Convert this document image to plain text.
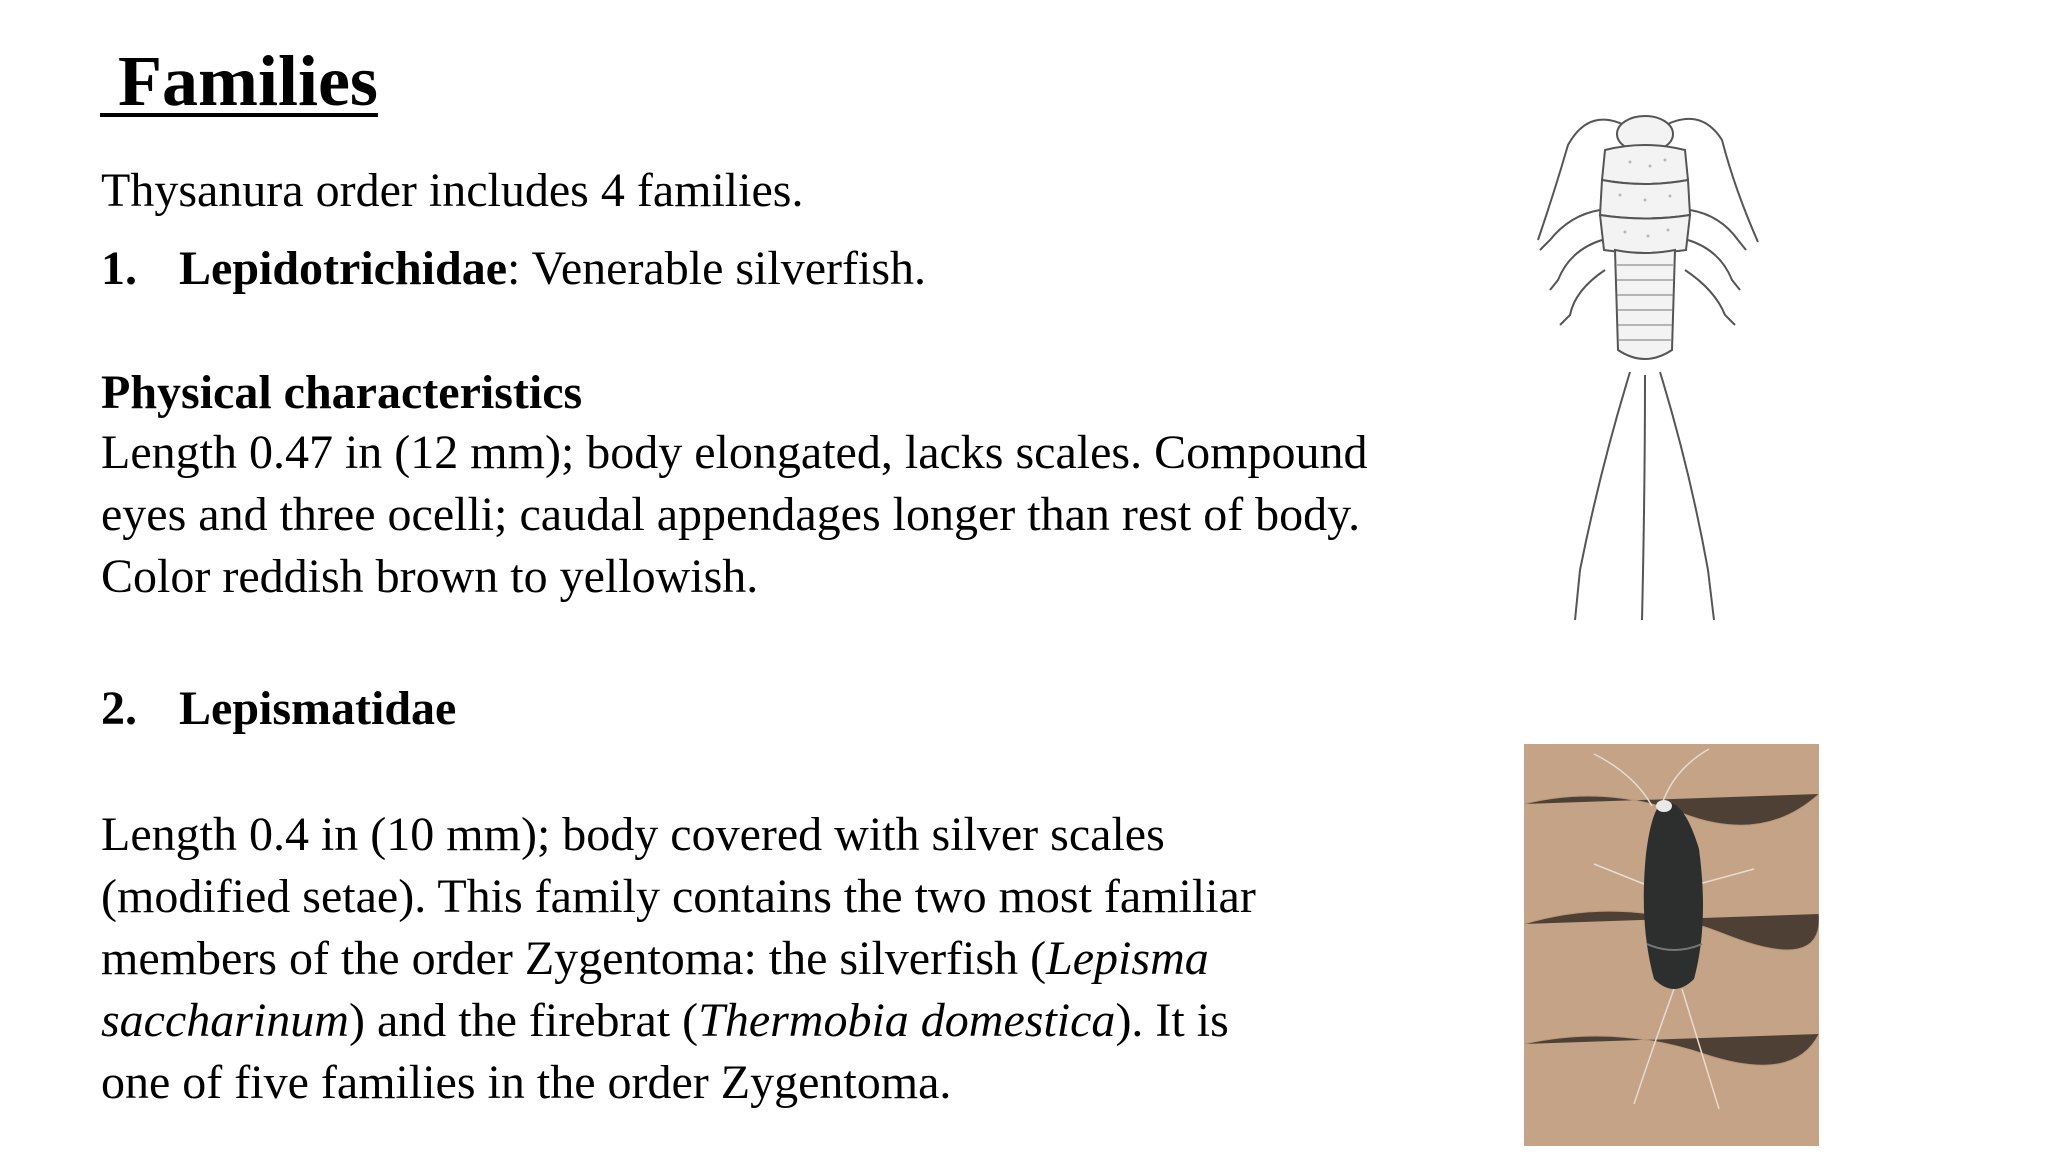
Families

Thysanura order includes 4 families.

1. Lepidotrichidae: Venerable silverfish.

Physical characteristics

Length 0.47 in (12 mm); body elongated, lacks scales. Compound
eyes and three ocelli; caudal appendages longer than rest of body.
Color reddish brown to yellowish.

2. Lepismatidae

Length 0.4 in (10 mm); body covered with silver scales
(modified setae). This family contains the two most familiar
members of the order Zygentoma: the silverfish (Lepisma
saccharinum) and the firebrat (Thermobia domestica). It is
one of five families in the order Zygentoma.
